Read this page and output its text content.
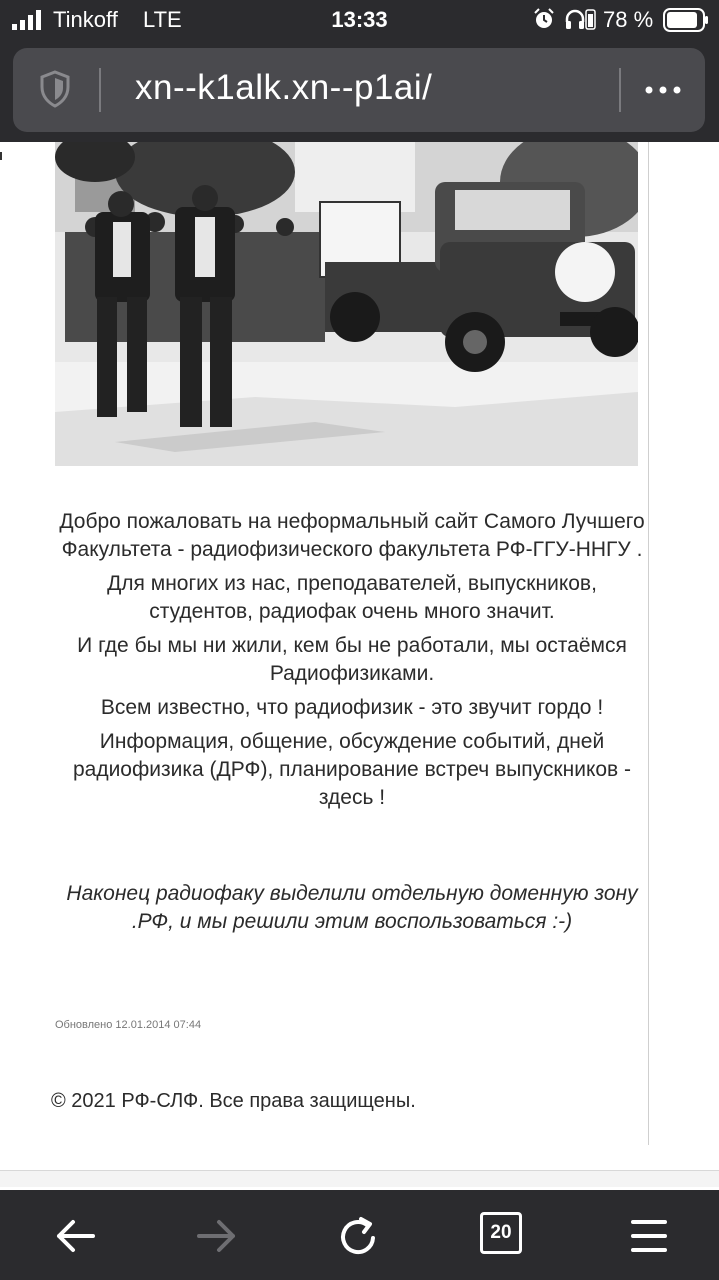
Tinkoff LTE	13:33	78 %
xn--k1alk.xn--p1ai/

Добро пожаловать на неформальный сайт Самого Лучшего Факультета - радиофизического факультета РФ-ГГУ-ННГУ .

Для многих из нас, преподавателей, выпускников, студентов, радиофак очень много значит.

И где бы мы ни жили, кем бы не работали, мы остаёмся Радиофизиками.

Всем известно, что радиофизик - это звучит гордо !

Информация, общение, обсуждение событий, дней радиофизика (ДРФ), планирование встреч выпускников - здесь !

Наконец радиофаку выделили отдельную доменную зону .РФ, и мы решили этим воспользоваться :-)
Обновлено 12.01.2014 07:44
© 2021 РФ-СЛФ. Все права защищены.
20
